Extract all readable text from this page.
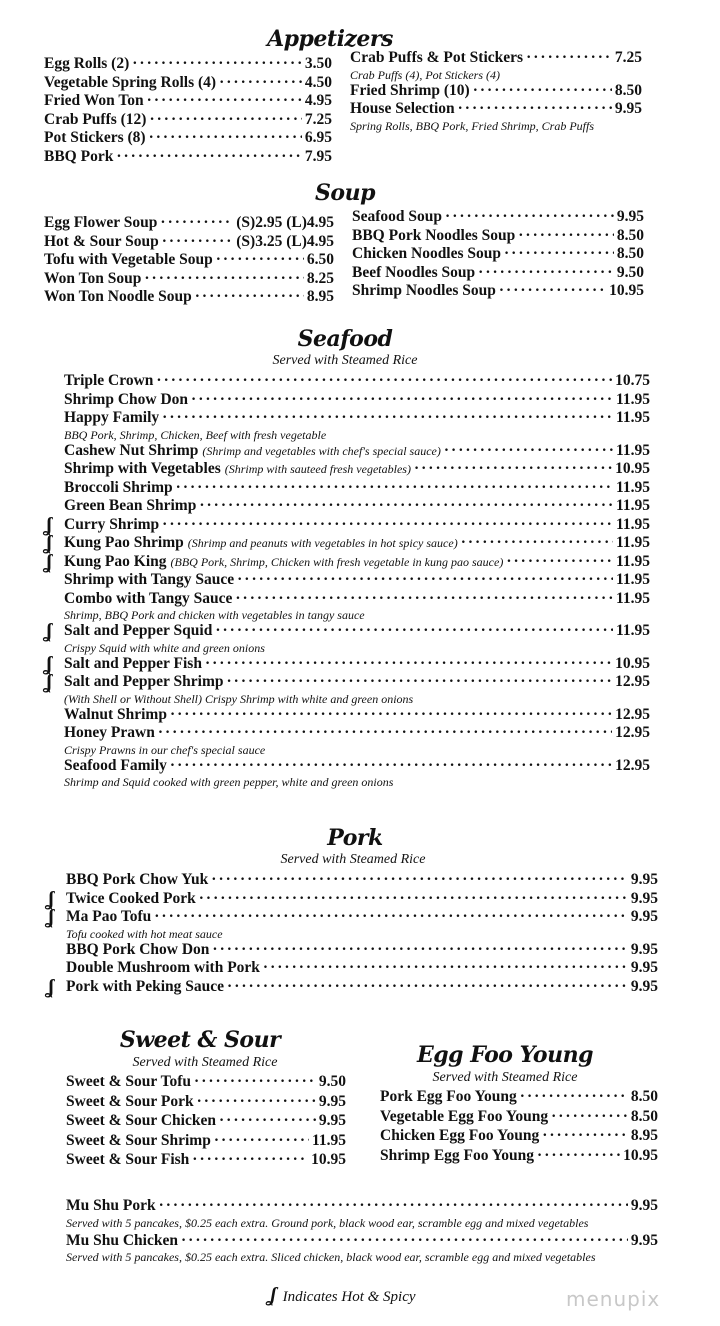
Appetizers
Egg Rolls (2) ·····	3.50
Vegetable Spring Rolls (4) ·····	4.50
Fried Won Ton ·····	4.95
Crab Puffs (12) ·····	7.25
Pot Stickers (8) ·····	6.95
BBQ Pork ·····	7.95
Crab Puffs & Pot Stickers ·····	7.25
Crab Puffs (4), Pot Stickers (4)
Fried Shrimp (10) ·····	8.50
House Selection ·····	9.95
Spring Rolls, BBQ Pork, Fried Shrimp, Crab Puffs
Soup
Egg Flower Soup ·····	(S)2.95 (L)4.95
Hot & Sour Soup ·····	(S)3.25 (L)4.95
Tofu with Vegetable Soup ·····	6.50
Won Ton Soup ·····	8.25
Won Ton Noodle Soup ·····	8.95
Seafood Soup ·····	9.95
BBQ Pork Noodles Soup ·····	8.50
Chicken Noodles Soup ·····	8.50
Beef Noodles Soup ·····	9.50
Shrimp Noodles Soup ·····	10.95
Seafood
Served with Steamed Rice
Triple Crown ·····	10.75
Shrimp Chow Don ·····	11.95
Happy Family ·····	11.95
BBQ Pork, Shrimp, Chicken, Beef with fresh vegetable
Cashew Nut Shrimp (Shrimp and vegetables with chef's special sauce) ·····	11.95
Shrimp with Vegetables (Shrimp with sauteed fresh vegetables) ·····	10.95
Broccoli Shrimp ·····	11.95
Green Bean Shrimp ·····	11.95
ʆ Curry Shrimp ·····	11.95
ʆ Kung Pao Shrimp (Shrimp and peanuts with vegetables in hot spicy sauce) ·····	11.95
ʆ Kung Pao King (BBQ Pork, Shrimp, Chicken with fresh vegetable in kung pao sauce) ·····	11.95
Shrimp with Tangy Sauce ·····	11.95
Combo with Tangy Sauce ·····	11.95
Shrimp, BBQ Pork and chicken with vegetables in tangy sauce
ʆ Salt and Pepper Squid ·····	11.95
Crispy Squid with white and green onions
ʆ Salt and Pepper Fish ·····	10.95
ʆ Salt and Pepper Shrimp ·····	12.95
(With Shell or Without Shell) Crispy Shrimp with white and green onions
Walnut Shrimp ·····	12.95
Honey Prawn ·····	12.95
Crispy Prawns in our chef's special sauce
Seafood Family ·····	12.95
Shrimp and Squid cooked with green pepper, white and green onions
Pork
Served with Steamed Rice
BBQ Pork Chow Yuk ·····	9.95
ʆ Twice Cooked Pork ·····	9.95
ʆ Ma Pao Tofu ·····	9.95
Tofu cooked with hot meat sauce
BBQ Pork Chow Don ·····	9.95
Double Mushroom with Pork ·····	9.95
ʆ Pork with Peking Sauce ·····	9.95
Sweet & Sour
Served with Steamed Rice
Sweet & Sour Tofu ·····	9.50
Sweet & Sour Pork ·····	9.95
Sweet & Sour Chicken ·····	9.95
Sweet & Sour Shrimp ·····	11.95
Sweet & Sour Fish ·····	10.95
Egg Foo Young
Served with Steamed Rice
Pork Egg Foo Young ·····	8.50
Vegetable Egg Foo Young ·····	8.50
Chicken Egg Foo Young ·····	8.95
Shrimp Egg Foo Young ·····	10.95
Mu Shu Pork ·····	9.95
Served with 5 pancakes, $0.25 each extra. Ground pork, black wood ear, scramble egg and mixed vegetables
Mu Shu Chicken ·····	9.95
Served with 5 pancakes, $0.25 each extra. Sliced chicken, black wood ear, scramble egg and mixed vegetables
ʆ Indicates Hot & Spicy	menupix
